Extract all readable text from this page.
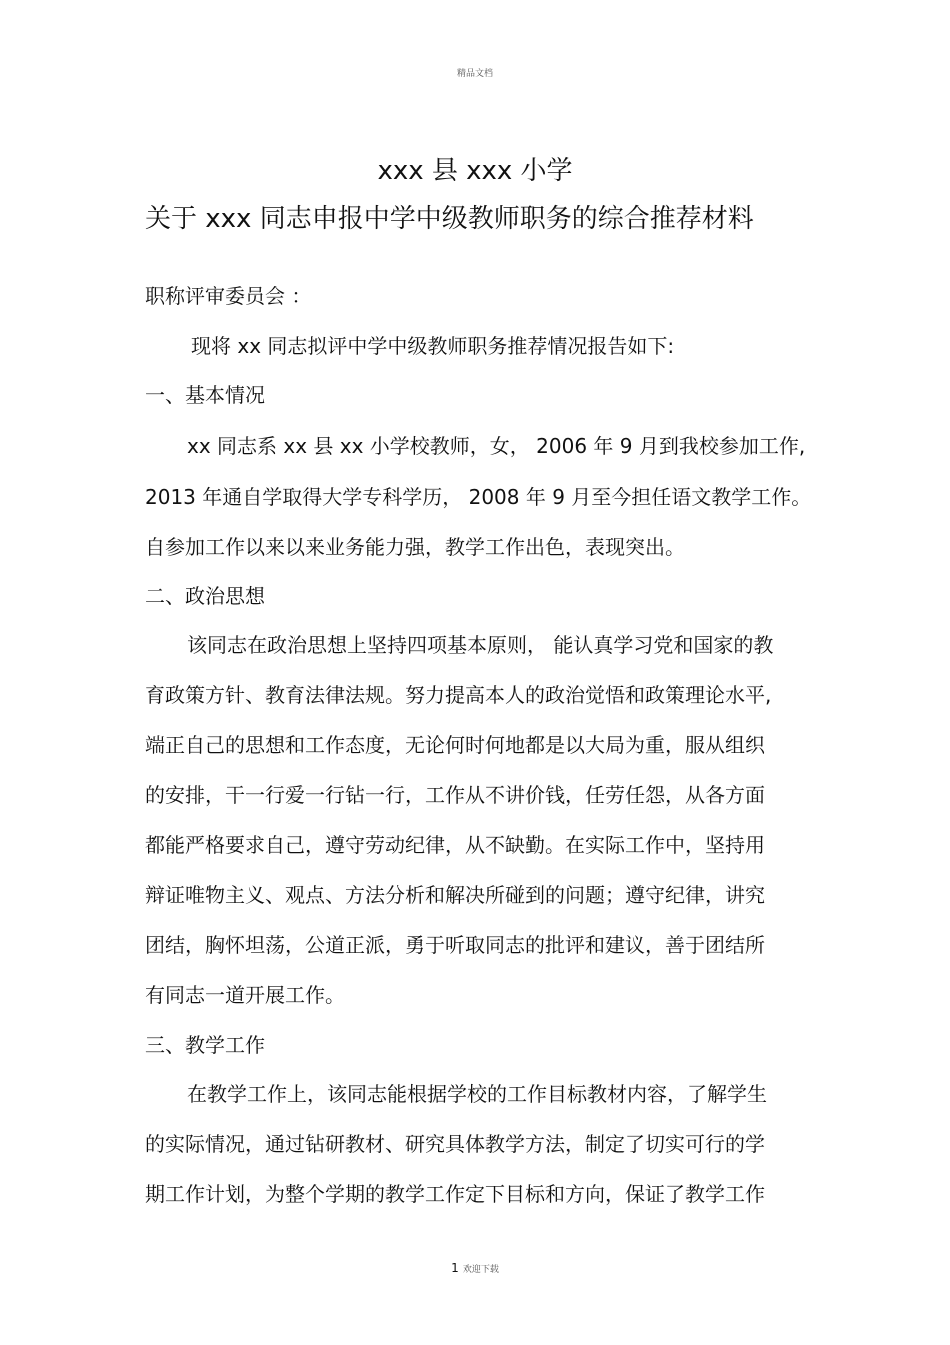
精品文档
xxx 县 xxx 小学
关于 xxx 同志申报中学中级教师职务的综合推荐材料
职称评审委员会 ：
现将 xx 同志拟评中学中级教师职务推荐情况报告如下:
一、基本情况
xx 同志系 xx 县 xx 小学校教师，女， 2006 年 9 月到我校参加工作,
2013 年通自学取得大学专科学历， 2008 年 9 月至今担任语文教学工作。
自参加工作以来以来业务能力强，教学工作出色，表现突出。
二、政治思想
该同志在政治思想上坚持四项基本原则， 能认真学习党和国家的教
育政策方针、教育法律法规。努力提高本人的政治觉悟和政策理论水平,
端正自己的思想和工作态度，无论何时何地都是以大局为重，服从组织
的安排，干一行爱一行钻一行，工作从不讲价钱，任劳任怨，从各方面
都能严格要求自己，遵守劳动纪律，从不缺勤。在实际工作中，坚持用
辩证唯物主义、观点、方法分析和解决所碰到的问题；遵守纪律，讲究
团结，胸怀坦荡，公道正派，勇于听取同志的批评和建议，善于团结所
有同志一道开展工作。
三、教学工作
在教学工作上，该同志能根据学校的工作目标教材内容，了解学生
的实际情况，通过钻研教材、研究具体教学方法，制定了切实可行的学
期工作计划，为整个学期的教学工作定下目标和方向，保证了教学工作
1 欢迎下载
